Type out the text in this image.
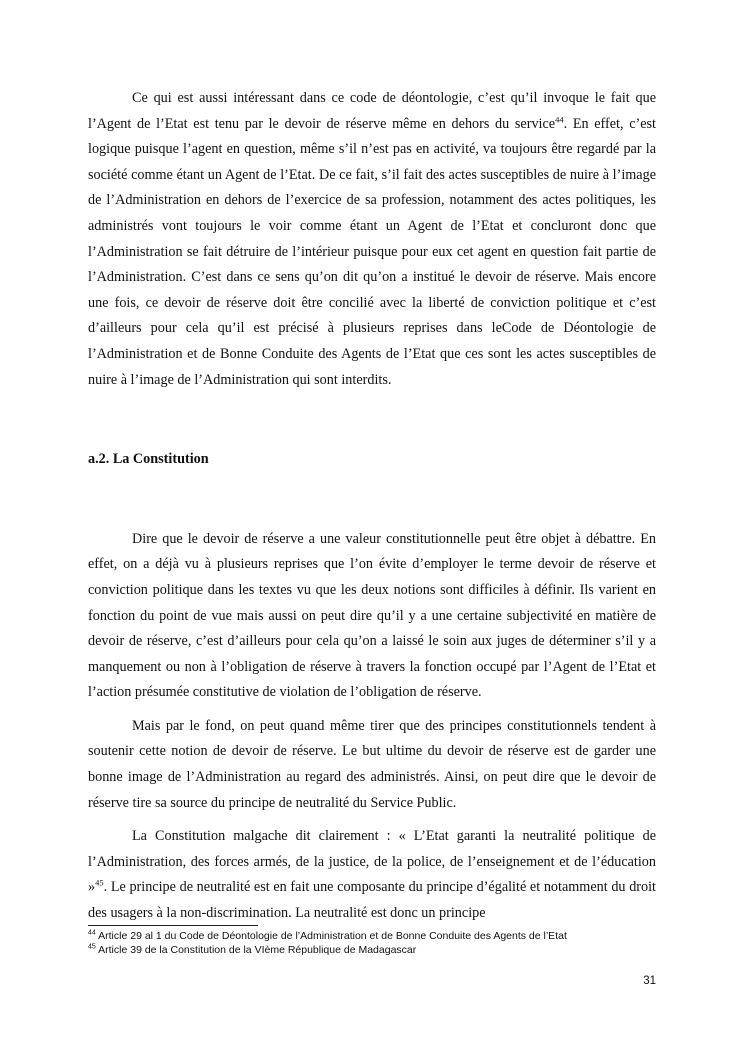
Ce qui est aussi intéressant dans ce code de déontologie, c’est qu’il invoque le fait que l’Agent de l’Etat est tenu par le devoir de réserve même en dehors du service$^{44}$. En effet, c’est logique puisque l’agent en question, même s’il n’est pas en activité, va toujours être regardé par la société comme étant un Agent de l’Etat. De ce fait, s’il fait des actes susceptibles de nuire à l’image de l’Administration en dehors de l’exercice de sa profession, notamment des actes politiques, les administrés vont toujours le voir comme étant un Agent de l’Etat et concluront donc que l’Administration se fait détruire de l’intérieur puisque pour eux cet agent en question fait partie de l’Administration. C’est dans ce sens qu’on dit qu’on a institué le devoir de réserve. Mais encore une fois, ce devoir de réserve doit être concilié avec la liberté de conviction politique et c’est d’ailleurs pour cela qu’il est précisé à plusieurs reprises dans leCode de Déontologie de l’Administration et de Bonne Conduite des Agents de l’Etat que ces sont les actes susceptibles de nuire à l’image de l’Administration qui sont interdits.

a.2. La Constitution

Dire que le devoir de réserve a une valeur constitutionnelle peut être objet à débattre. En effet, on a déjà vu à plusieurs reprises que l’on évite d’employer le terme devoir de réserve et conviction politique dans les textes vu que les deux notions sont difficiles à définir. Ils varient en fonction du point de vue mais aussi on peut dire qu’il y a une certaine subjectivité en matière de devoir de réserve, c’est d’ailleurs pour cela qu’on a laissé le soin aux juges de déterminer s’il y a manquement ou non à l’obligation de réserve à travers la fonction occupé par l’Agent de l’Etat et l’action présumée constitutive de violation de l’obligation de réserve.

Mais par le fond, on peut quand même tirer que des principes constitutionnels tendent à soutenir cette notion de devoir de réserve. Le but ultime du devoir de réserve est de garder une bonne image de l’Administration au regard des administrés. Ainsi, on peut dire que le devoir de réserve tire sa source du principe de neutralité du Service Public.

La Constitution malgache dit clairement : « L’Etat garanti la neutralité politique de l’Administration, des forces armés, de la justice, de la police, de l’enseignement et de l’éducation »$^{45}$. Le principe de neutralité est en fait une composante du principe d’égalité et notamment du droit des usagers à la non-discrimination. La neutralité est donc un principe

$^{44}$ Article 29 al 1 du Code de Déontologie de l’Administration et de Bonne Conduite des Agents de l’Etat
$^{45}$ Article 39 de la Constitution de la VIème République de Madagascar
31
